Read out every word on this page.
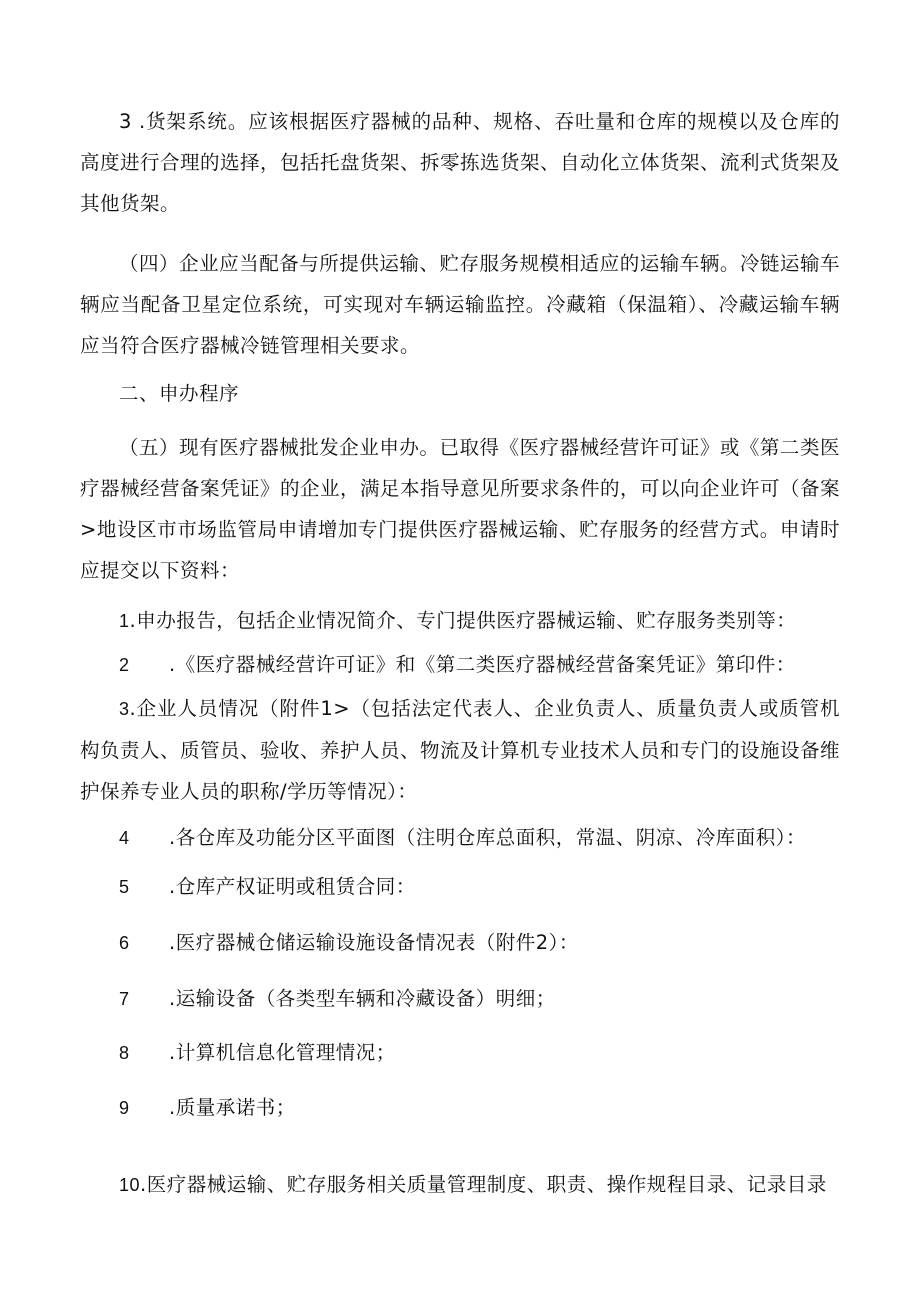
3 .货架系统。应该根据医疗器械的品种、规格、吞吐量和仓库的规模以及仓库的高度进行合理的选择，包括托盘货架、拆零拣选货架、自动化立体货架、流利式货架及其他货架。

（四）企业应当配备与所提供运输、贮存服务规模相适应的运输车辆。冷链运输车辆应当配备卫星定位系统，可实现对车辆运输监控。冷藏箱（保温箱）、冷藏运输车辆应当符合医疗器械冷链管理相关要求。

二、申办程序

（五）现有医疗器械批发企业申办。已取得《医疗器械经营许可证》或《第二类医疗器械经营备案凭证》的企业，满足本指导意见所要求条件的，可以向企业许可（备案>地设区市市场监管局申请增加专门提供医疗器械运输、贮存服务的经营方式。申请时应提交以下资料：

1.申办报告，包括企业情况简介、专门提供医疗器械运输、贮存服务类别等：

2 .《医疗器械经营许可证》和《第二类医疗器械经营备案凭证》第印件：

3.企业人员情况（附件1>（包括法定代表人、企业负责人、质量负责人或质管机构负责人、质管员、验收、养护人员、物流及计算机专业技术人员和专门的设施设备维护保养专业人员的职称/学历等情况）：

4 .各仓库及功能分区平面图（注明仓库总面积，常温、阴凉、冷库面积）：

5 .仓库产权证明或租赁合同：

6 .医疗器械仓储运输设施设备情况表（附件2）：

7 .运输设备（各类型车辆和冷藏设备）明细；

8 .计算机信息化管理情况；

9 .质量承诺书；

10.医疗器械运输、贮存服务相关质量管理制度、职责、操作规程目录、记录目录
